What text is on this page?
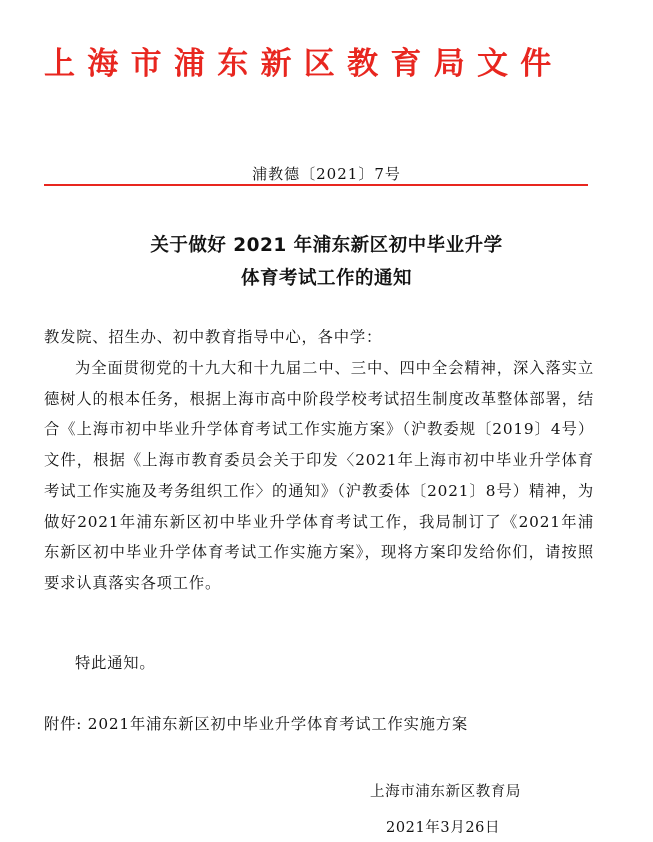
上海市浦东新区教育局文件
浦教德〔2021〕7号
关于做好 2021 年浦东新区初中毕业升学
体育考试工作的通知
教发院、招生办、初中教育指导中心，各中学：
为全面贯彻党的十九大和十九届二中、三中、四中全会精神，深入落实立德树人的根本任务，根据上海市高中阶段学校考试招生制度改革整体部署，结合《上海市初中毕业升学体育考试工作实施方案》（沪教委规〔2019〕4号）文件，根据《上海市教育委员会关于印发〈2021年上海市初中毕业升学体育考试工作实施及考务组织工作〉的通知》（沪教委体〔2021〕8号）精神，为做好2021年浦东新区初中毕业升学体育考试工作，我局制订了《2021年浦东新区初中毕业升学体育考试工作实施方案》，现将方案印发给你们，请按照要求认真落实各项工作。
特此通知。
附件: 2021年浦东新区初中毕业升学体育考试工作实施方案
上海市浦东新区教育局
2021年3月26日
